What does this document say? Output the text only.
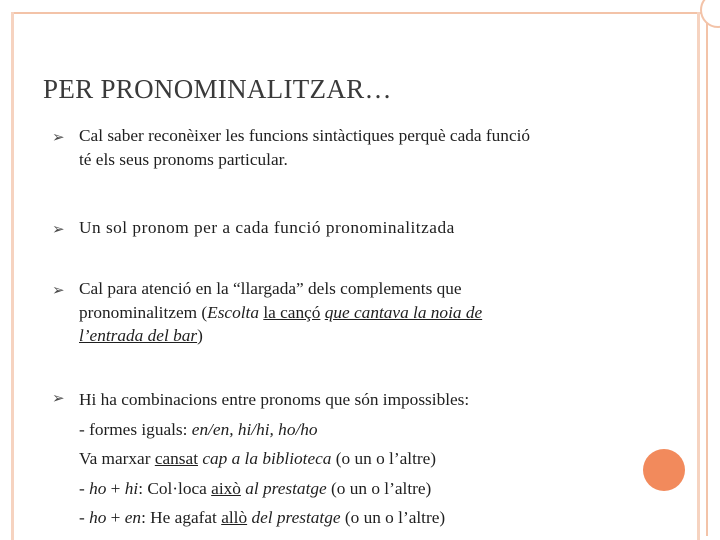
PER PRONOMINALITZAR…
➢ Cal saber reconèixer les funcions sintàctiques perquè cada funció
té els seus pronoms particular.
➢ Un sol pronom per a cada funció pronominalitzada
➢ Cal para atenció en la “llargada” dels complements que
pronominalitzem (Escolta la cançó que cantava la noia de
l’entrada del bar)
➢ Hi ha combinacions entre pronoms que són impossibles:
- formes iguals: en/en, hi/hi, ho/ho
Va marxar cansat cap a la biblioteca (o un o l’altre)
- ho + hi: Col·loca això al prestatge (o un o l’altre)
- ho + en: He agafat allò del prestatge (o un o l’altre)
